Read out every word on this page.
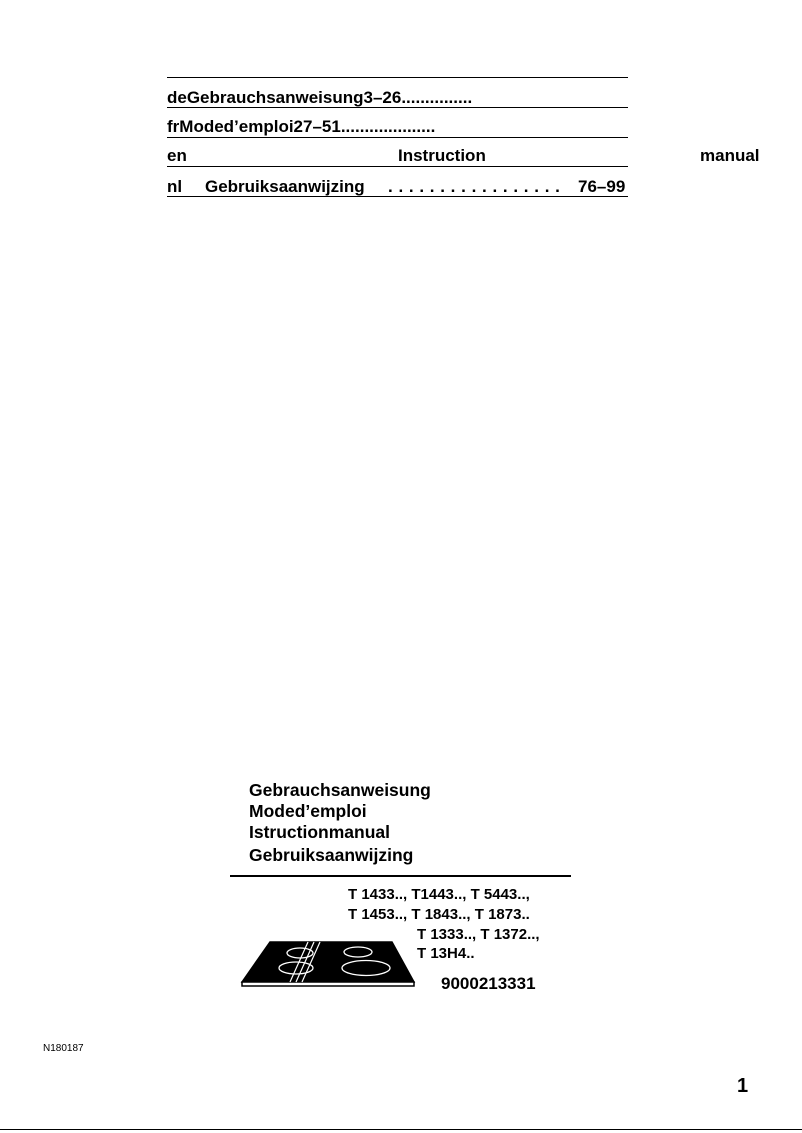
deGebrauchsanweisung3–26...............
frModed’emploi27–51....................
en	Instruction	manual
nl Gebruiksaanwijzing . . . . . . . . . . . . . . . . . 76–99
Gebrauchsanweisung
Moded’emploi
Istructionmanual
Gebruiksaanwijzing
T 1433.., T1443.., T 5443..,
T 1453.., T 1843.., T 1873..
T 1333.., T 1372..,
T 13H4..
9000213331
N180187
1
